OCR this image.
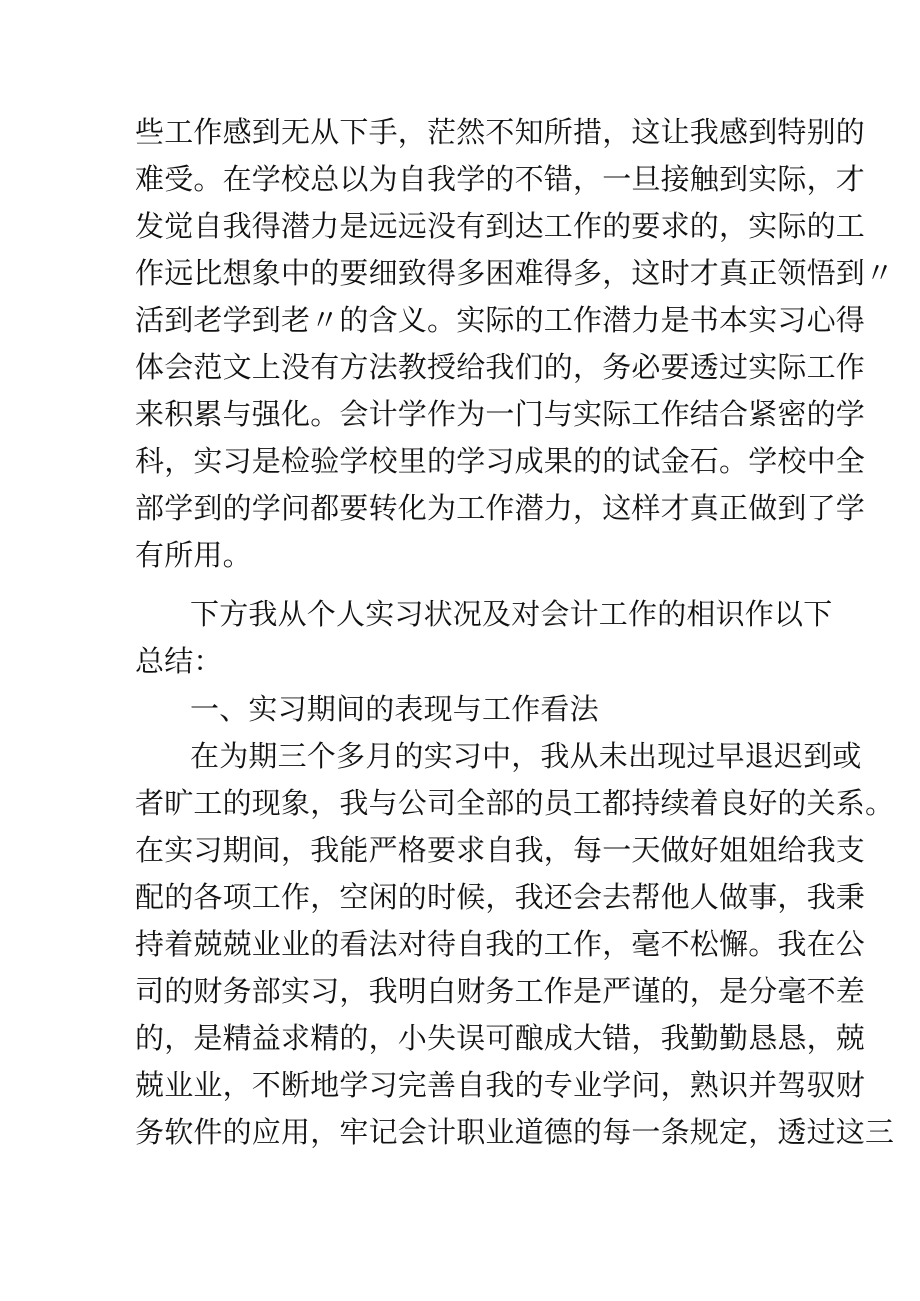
些工作感到无从下手，茫然不知所措，这让我感到特别的
难受。在学校总以为自我学的不错，一旦接触到实际，才
发觉自我得潜力是远远没有到达工作的要求的，实际的工
作远比想象中的要细致得多困难得多，这时才真正领悟到〃
活到老学到老〃的含义。实际的工作潜力是书本实习心得
体会范文上没有方法教授给我们的，务必要透过实际工作
来积累与强化。会计学作为一门与实际工作结合紧密的学
科，实习是检验学校里的学习成果的的试金石。学校中全
部学到的学问都要转化为工作潜力，这样才真正做到了学
有所用。
下方我从个人实习状况及对会计工作的相识作以下
总结：
一、实习期间的表现与工作看法
在为期三个多月的实习中，我从未出现过早退迟到或
者旷工的现象，我与公司全部的员工都持续着良好的关系。
在实习期间，我能严格要求自我，每一天做好姐姐给我支
配的各项工作，空闲的时候，我还会去帮他人做事，我秉
持着兢兢业业的看法对待自我的工作，毫不松懈。我在公
司的财务部实习，我明白财务工作是严谨的，是分毫不差
的，是精益求精的，小失误可酿成大错，我勤勤恳恳，兢
兢业业，不断地学习完善自我的专业学问，熟识并驾驭财
务软件的应用，牢记会计职业道德的每一条规定，透过这三
